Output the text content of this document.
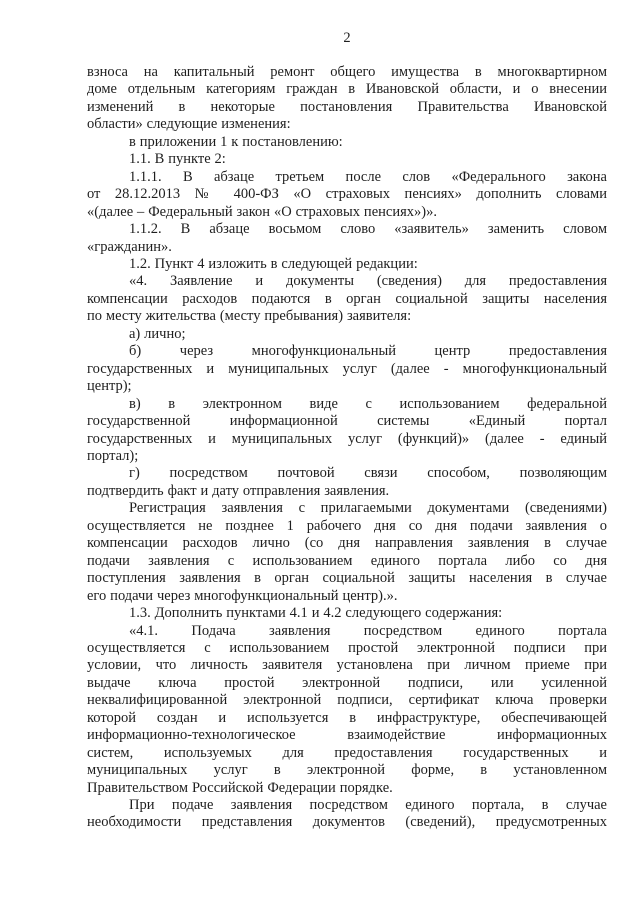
2
взноса на капитальный ремонт общего имущества в многоквартирном
доме отдельным категориям граждан в Ивановской области, и о внесении
изменений в некоторые постановления Правительства Ивановской
области» следующие изменения:
в приложении 1 к постановлению:
1.1. В пункте 2:
1.1.1. В абзаце третьем после слов «Федерального закона
от 28.12.2013 № 400-ФЗ «О страховых пенсиях» дополнить словами
«(далее – Федеральный закон «О страховых пенсиях»)».
1.1.2. В абзаце восьмом слово «заявитель» заменить словом
«гражданин».
1.2. Пункт 4 изложить в следующей редакции:
«4. Заявление и документы (сведения) для предоставления
компенсации расходов подаются в орган социальной защиты населения
по месту жительства (месту пребывания) заявителя:
а) лично;
б) через многофункциональный центр предоставления
государственных и муниципальных услуг (далее - многофункциональный
центр);
в) в электронном виде с использованием федеральной
государственной информационной системы «Единый портал
государственных и муниципальных услуг (функций)» (далее - единый
портал);
г) посредством почтовой связи способом, позволяющим
подтвердить факт и дату отправления заявления.
Регистрация заявления с прилагаемыми документами (сведениями)
осуществляется не позднее 1 рабочего дня со дня подачи заявления о
компенсации расходов лично (со дня направления заявления в случае
подачи заявления с использованием единого портала либо со дня
поступления заявления в орган социальной защиты населения в случае
его подачи через многофункциональный центр).».
1.3. Дополнить пунктами 4.1 и 4.2 следующего содержания:
«4.1. Подача заявления посредством единого портала
осуществляется с использованием простой электронной подписи при
условии, что личность заявителя установлена при личном приеме при
выдаче ключа простой электронной подписи, или усиленной
неквалифицированной электронной подписи, сертификат ключа проверки
которой создан и используется в инфраструктуре, обеспечивающей
информационно-технологическое взаимодействие информационных
систем, используемых для предоставления государственных и
муниципальных услуг в электронной форме, в установленном
Правительством Российской Федерации порядке.
При подаче заявления посредством единого портала, в случае
необходимости представления документов (сведений), предусмотренных
